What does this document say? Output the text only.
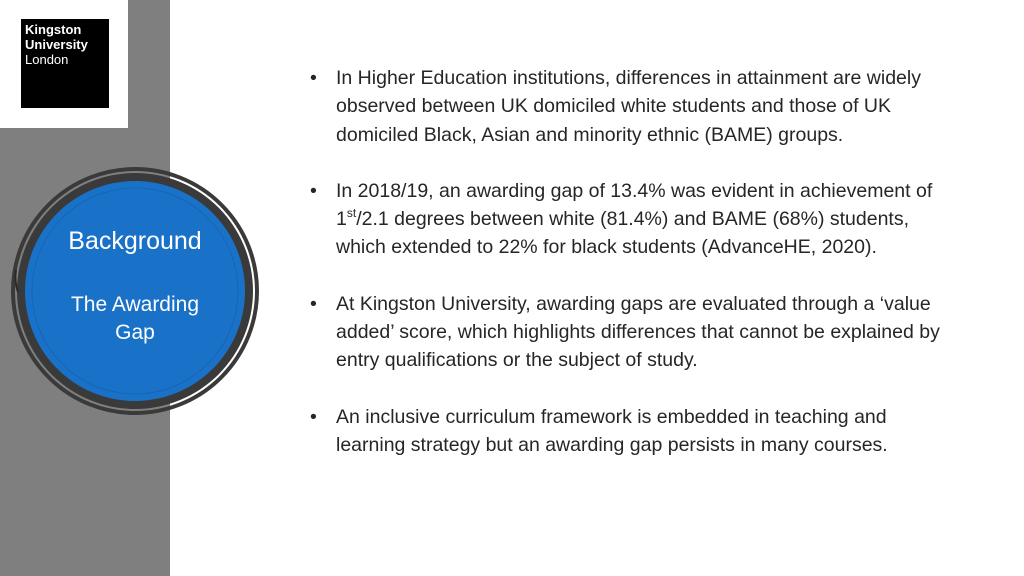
Kingston
University
London
Background
The Awarding Gap
• In Higher Education institutions, differences in attainment are widely observed between UK domiciled white students and those of UK domiciled Black, Asian and minority ethnic (BAME) groups.
• In 2018/19, an awarding gap of 13.4% was evident in achievement of 1st/2.1 degrees between white (81.4%) and BAME (68%) students, which extended to 22% for black students (AdvanceHE, 2020).
• At Kingston University, awarding gaps are evaluated through a ‘value added’ score, which highlights differences that cannot be explained by entry qualifications or the subject of study.
• An inclusive curriculum framework is embedded in teaching and learning strategy but an awarding gap persists in many courses.
